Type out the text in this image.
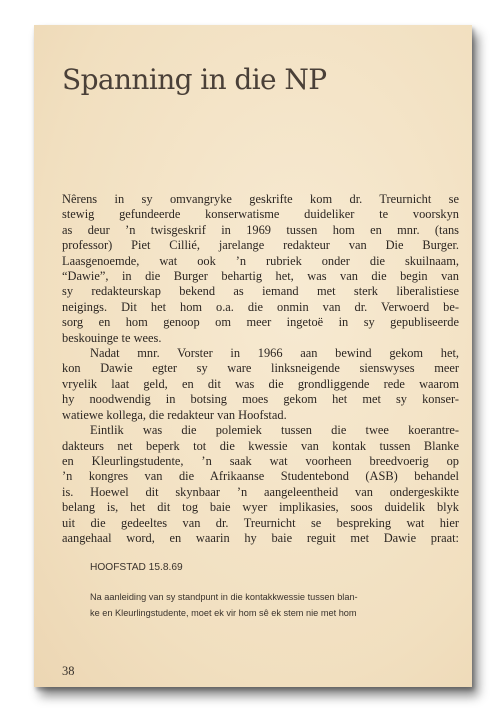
Spanning in die NP
Nêrens in sy omvangryke geskrifte kom dr. Treurnicht se
stewig gefundeerde konserwatisme duideliker te voorskyn
as deur ’n twisgeskrif in 1969 tussen hom en mnr. (tans
professor) Piet Cillié, jarelange redakteur van Die Burger.
Laasgenoemde, wat ook ’n rubriek onder die skuilnaam,
“Dawie”, in die Burger behartig het, was van die begin van
sy redakteurskap bekend as iemand met sterk liberalistiese
neigings. Dit het hom o.a. die onmin van dr. Verwoerd be-
sorg en hom genoop om meer ingetoë in sy gepubliseerde
beskouinge te wees.
Nadat mnr. Vorster in 1966 aan bewind gekom het,
kon Dawie egter sy ware linksneigende sienswyses meer
vryelik laat geld, en dit was die grondliggende rede waarom
hy noodwendig in botsing moes gekom het met sy konser-
watiewe kollega, die redakteur van Hoofstad.
Eintlik was die polemiek tussen die twee koerantre-
dakteurs net beperk tot die kwessie van kontak tussen Blanke
en Kleurlingstudente, ’n saak wat voorheen breedvoerig op
’n kongres van die Afrikaanse Studentebond (ASB) behandel
is. Hoewel dit skynbaar ’n aangeleentheid van ondergeskikte
belang is, het dit tog baie wyer implikasies, soos duidelik blyk
uit die gedeeltes van dr. Treurnicht se bespreking wat hier
aangehaal word, en waarin hy baie reguit met Dawie praat:

HOOFSTAD 15.8.69

Na aanleiding van sy standpunt in die kontakkwessie tussen blan-
ke en Kleurlingstudente, moet ek vir hom sê ek stem nie met hom

38
